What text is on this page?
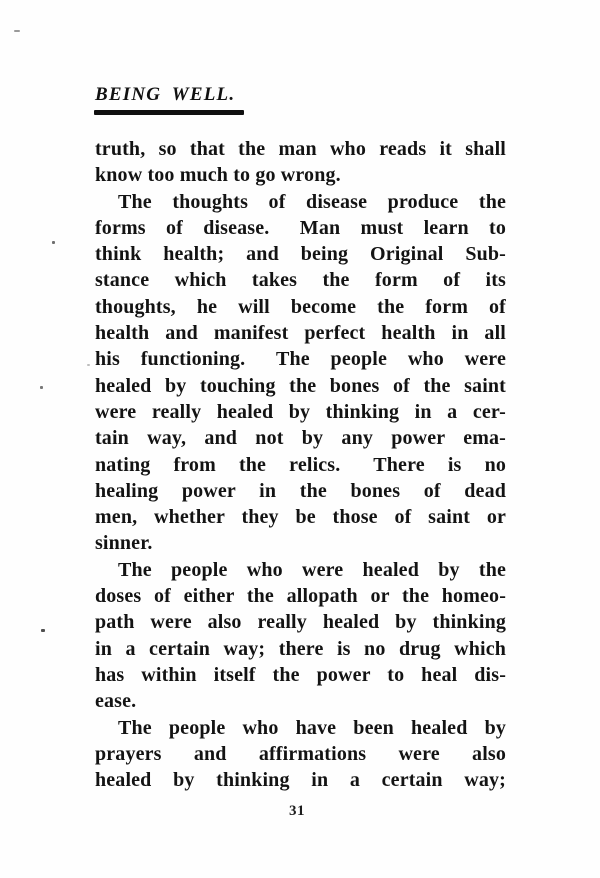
BEING WELL.
truth, so that the man who reads it shall
know too much to go wrong.
The thoughts of disease produce the
forms of disease.  Man must learn to
think health; and being Original Sub-
stance which takes the form of its
thoughts, he will become the form of
health and manifest perfect health in all
his functioning.  The people who were
healed by touching the bones of the saint
were really healed by thinking in a cer-
tain way, and not by any power ema-
nating from the relics.  There is no
healing power in the bones of dead
men, whether they be those of saint or
sinner.
The people who were healed by the
doses of either the allopath or the homeo-
path were also really healed by thinking
in a certain way; there is no drug which
has within itself the power to heal dis-
ease.
The people who have been healed by
prayers and affirmations were also
healed by thinking in a certain way;
31
